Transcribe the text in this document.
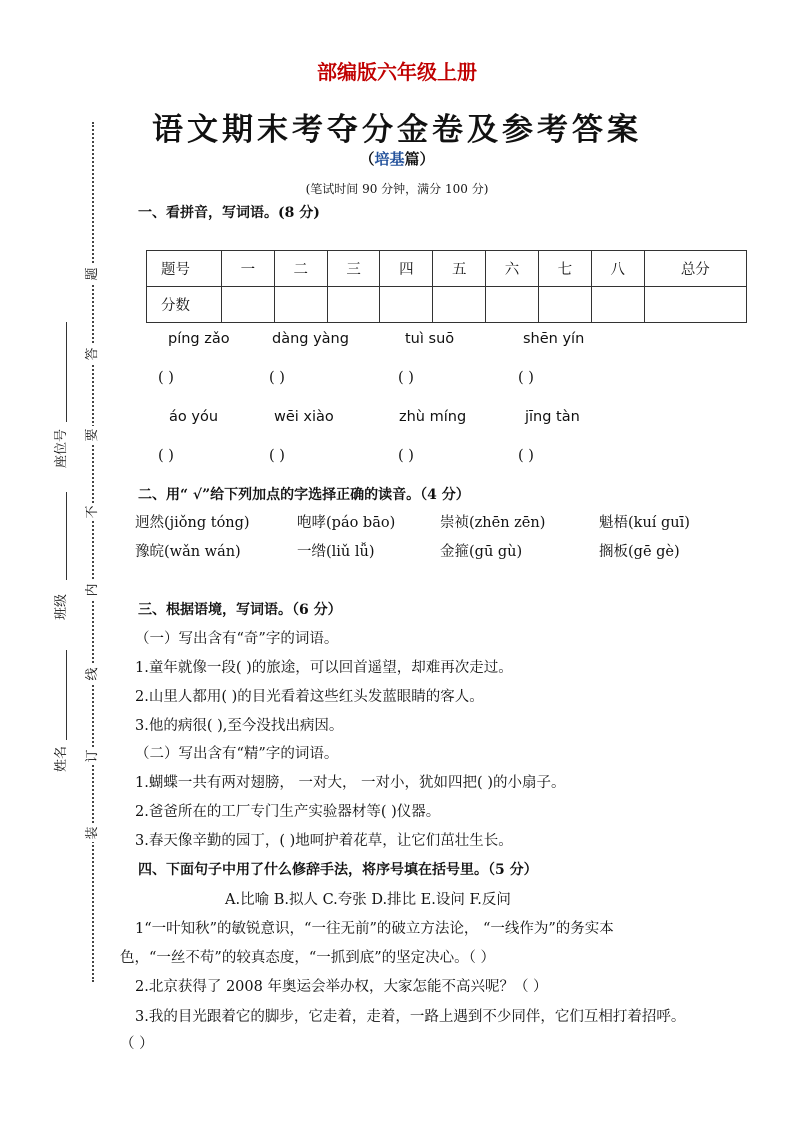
题
答
要
不
内
线
订
装
座位号
班级
姓名
部编版六年级上册
语文期末考夺分金卷及参考答案
（培基篇）
(笔试时间 90 分钟，满分 100 分)
一、看拼音，写词语。(8 分)
题号	一	二	三	四	五	六	七	八	总分
分数									
píng zǎo	dàng yàng	tuì suō	shēn yín
( )	( )	( )	( )
áo yóu	wēi xiào	zhù míng	jīng tàn
( )	( )	( )	( )
二、用“ √”给下列加点的字选择正确的读音。（4 分）
迥然(jiǒng tóng)	咆哮(páo bāo)	崇祯(zhēn zēn)	魁梧(kuí guī)
豫皖(wǎn wán)	一绺(liǔ lǚ)	金箍(gū gù)	搁板(gē gè)
三、根据语境，写词语。（6 分）
（一）写出含有“奇”字的词语。
1.童年就像一段( )的旅途，可以回首遥望，却难再次走过。
2.山里人都用( )的目光看着这些红头发蓝眼睛的客人。
3.他的病很( ),至今没找出病因。
（二）写出含有“精”字的词语。
1.蝴蝶一共有两对翅膀， 一对大， 一对小，犹如四把( )的小扇子。
2.爸爸所在的工厂专门生产实验器材等( )仪器。
3.春天像辛勤的园丁，( )地呵护着花草，让它们茁壮生长。
四、下面句子中用了什么修辞手法，将序号填在括号里。（5 分）
A.比喻 B.拟人 C.夸张 D.排比 E.设问 F.反问
1“一叶知秋”的敏锐意识，“一往无前”的破立方法论， “一线作为”的务实本
色，“一丝不苟”的较真态度，“一抓到底”的坚定决心。（ ）
2.北京获得了 2008 年奥运会举办权，大家怎能不高兴呢？（ ）
3.我的目光跟着它的脚步，它走着，走着，一路上遇到不少同伴，它们互相打着招呼。
（ ）
